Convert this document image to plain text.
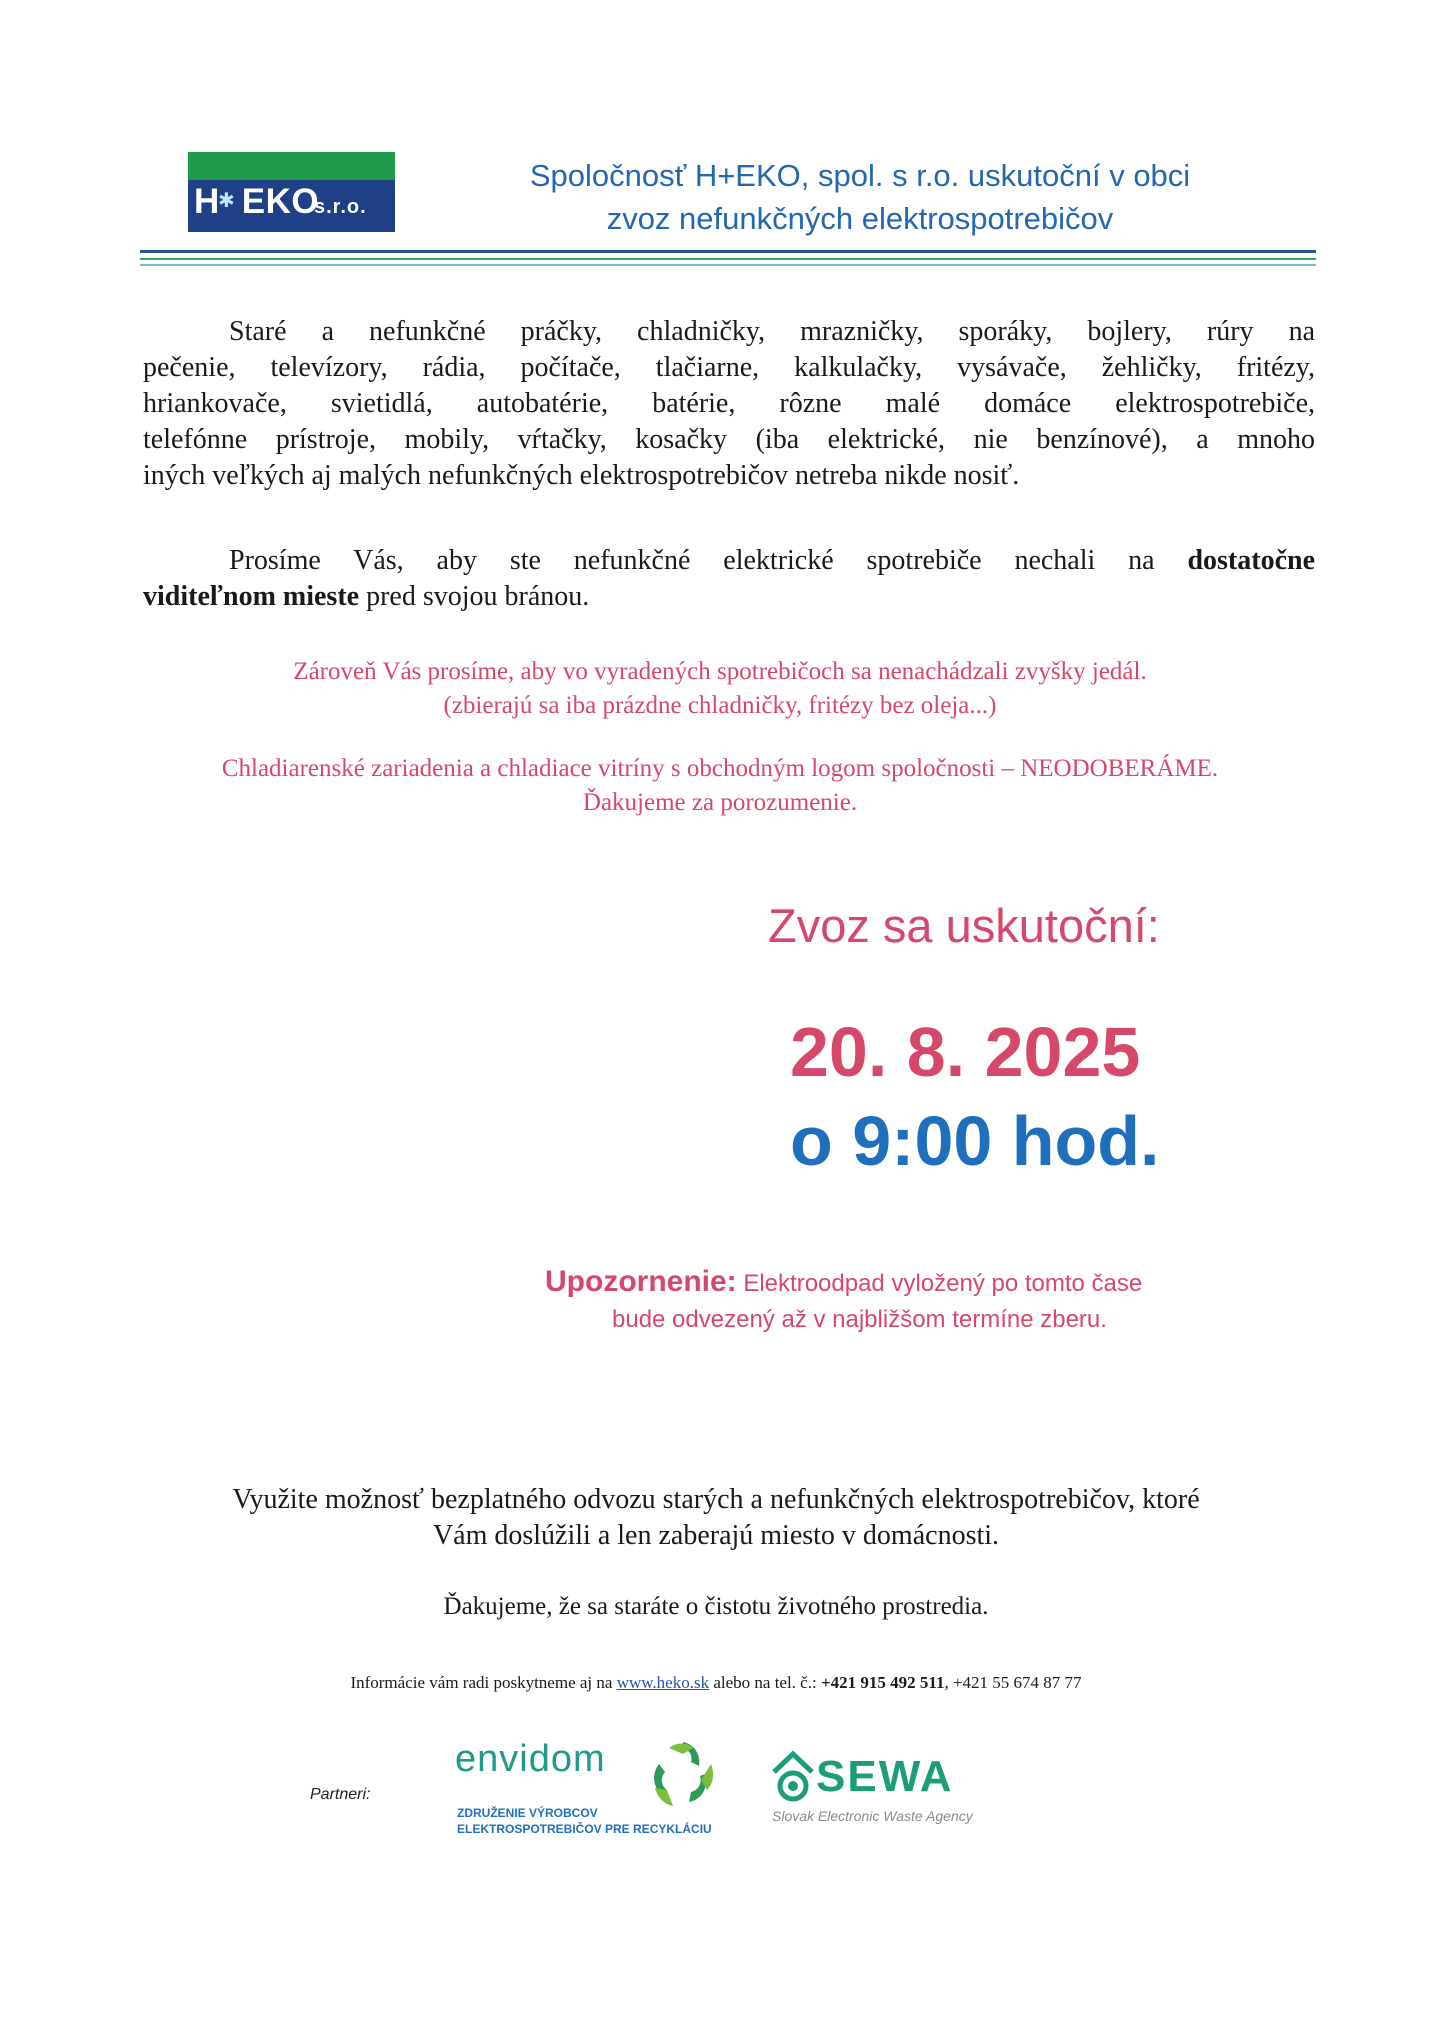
H EKO
✱	s.r.o.
Spoločnosť H+EKO, spol. s r.o. uskutoční v obci
zvoz nefunkčných elektrospotrebičov
Staré a nefunkčné práčky, chladničky, mrazničky, sporáky, bojlery, rúry na
pečenie, televízory, rádia, počítače, tlačiarne, kalkulačky, vysávače, žehličky, fritézy,
hriankovače, svietidlá, autobatérie, batérie, rôzne malé domáce elektrospotrebiče,
telefónne prístroje, mobily, vŕtačky, kosačky (iba elektrické, nie benzínové), a mnoho
iných veľkých aj malých nefunkčných elektrospotrebičov netreba nikde nosiť.
Prosíme Vás, aby ste nefunkčné elektrické spotrebiče nechali na dostatočne
viditeľnom mieste pred svojou bránou.
Zároveň Vás prosíme, aby vo vyradených spotrebičoch sa nenachádzali zvyšky jedál.
(zbierajú sa iba prázdne chladničky, fritézy bez oleja...)
Chladiarenské zariadenia a chladiace vitríny s obchodným logom spoločnosti – NEODOBERÁME.
Ďakujeme za porozumenie.
Zvoz sa uskutoční:
20. 8. 2025
o 9:00 hod.
Upozornenie: Elektroodpad vyložený po tomto čase
bude odvezený až v najbližšom termíne zberu.
Využite možnosť bezplatného odvozu starých a nefunkčných elektrospotrebičov, ktoré
Vám doslúžili a len zaberajú miesto v domácnosti.
Ďakujeme, že sa staráte o čistotu životného prostredia.
Informácie vám radi poskytneme aj na www.heko.sk alebo na tel. č.: +421 915 492 511, +421 55 674 87 77
Partneri:
envidom
ZDRUŽENIE VÝROBCOV
ELEKTROSPOTREBIČOV PRE RECYKLÁCIU
SEWA
Slovak Electronic Waste Agency
